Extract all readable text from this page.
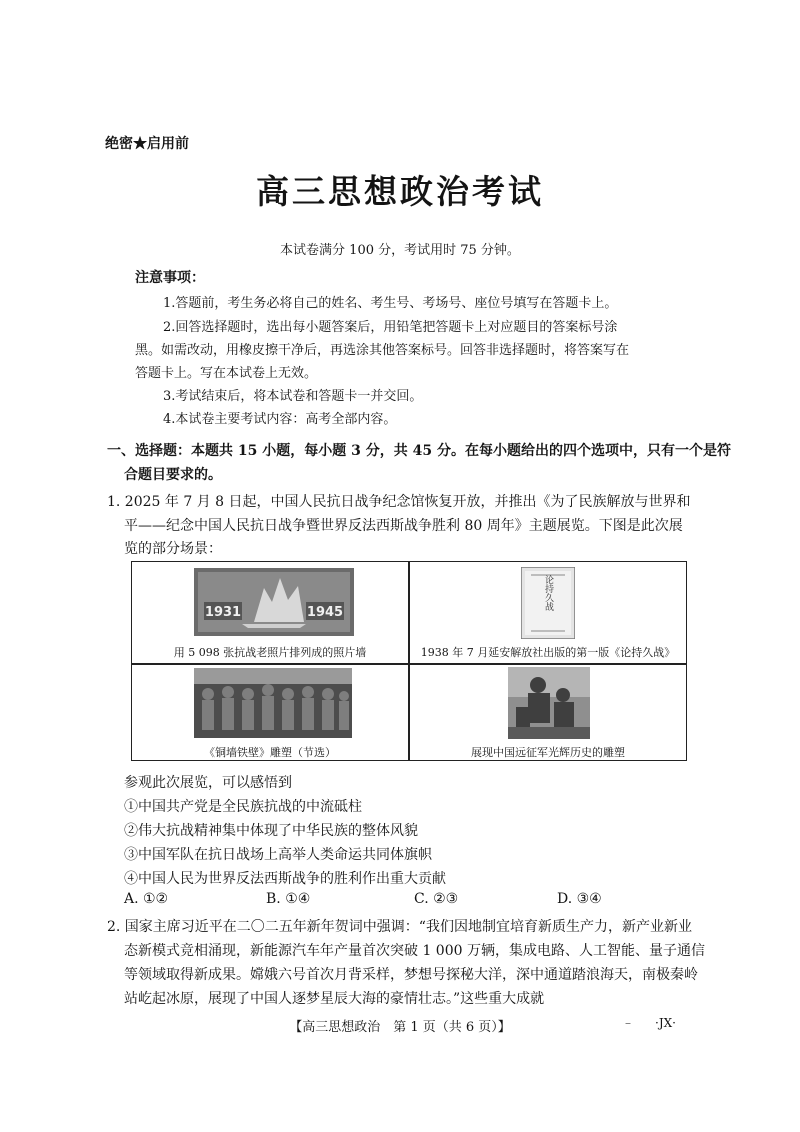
绝密★启用前
高三思想政治考试
本试卷满分 100 分，考试用时 75 分钟。
注意事项：
1.答题前，考生务必将自己的姓名、考生号、考场号、座位号填写在答题卡上。
2.回答选择题时，选出每小题答案后，用铅笔把答题卡上对应题目的答案标号涂
黑。如需改动，用橡皮擦干净后，再选涂其他答案标号。回答非选择题时，将答案写在
答题卡上。写在本试卷上无效。
3.考试结束后，将本试卷和答题卡一并交回。
4.本试卷主要考试内容：高考全部内容。
一、选择题：本题共 15 小题，每小题 3 分，共 45 分。在每小题给出的四个选项中，只有一个是符
合题目要求的。
1. 2025 年 7 月 8 日起，中国人民抗日战争纪念馆恢复开放，并推出《为了民族解放与世界和
平——纪念中国人民抗日战争暨世界反法西斯战争胜利 80 周年》主题展览。下图是此次展
览的部分场景：
1931	1945
用 5 098 张抗战老照片排列成的照片墙
论持久战
1938 年 7 月延安解放社出版的第一版《论持久战》
《铜墙铁壁》雕塑（节选）	展现中国远征军光辉历史的雕塑
参观此次展览，可以感悟到
①中国共产党是全民族抗战的中流砥柱
②伟大抗战精神集中体现了中华民族的整体风貌
③中国军队在抗日战场上高举人类命运共同体旗帜
④中国人民为世界反法西斯战争的胜利作出重大贡献
A. ①②	B. ①④	C. ②③	D. ③④
2. 国家主席习近平在二〇二五年新年贺词中强调：“我们因地制宜培育新质生产力，新产业新业
态新模式竞相涌现，新能源汽车年产量首次突破 1 000 万辆，集成电路、人工智能、量子通信
等领域取得新成果。嫦娥六号首次月背采样，梦想号探秘大洋，深中通道踏浪海天，南极秦岭
站屹起冰原，展现了中国人逐梦星辰大海的豪情壮志。”这些重大成就
【高三思想政治　第 1 页（共 6 页）】	– ·JX·
